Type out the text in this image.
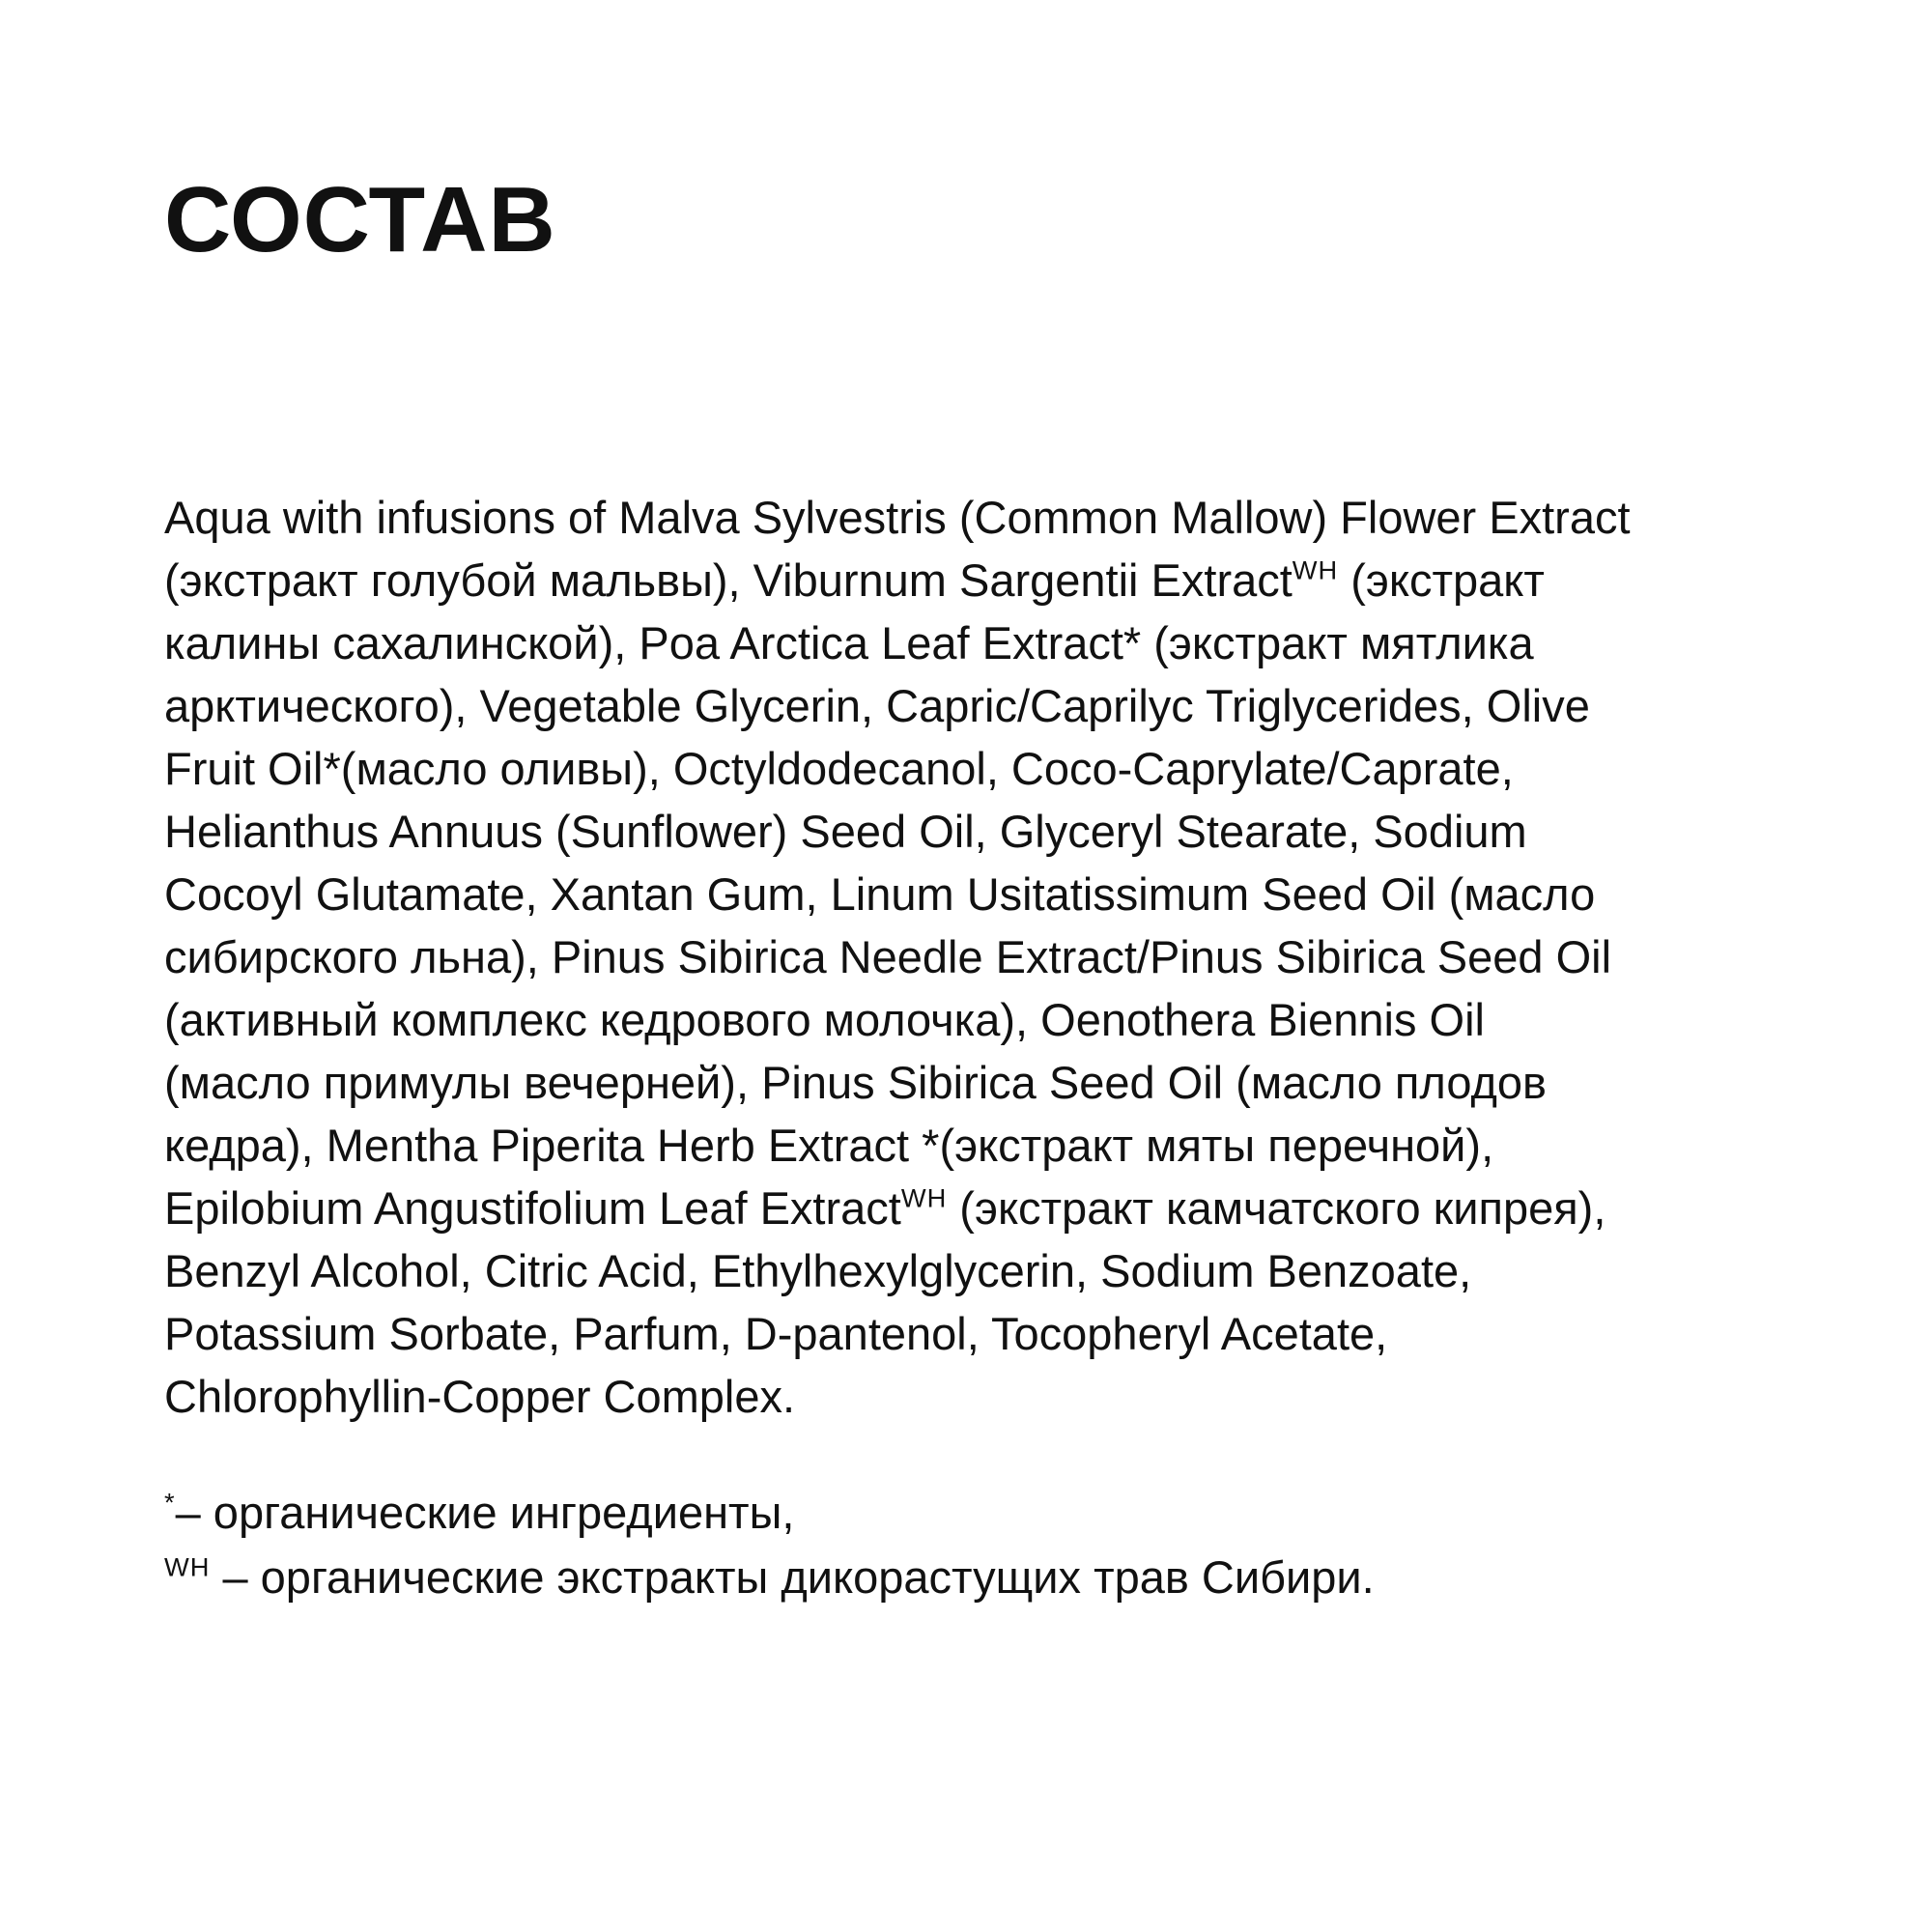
СОСТАВ
Aqua with infusions of Malva Sylvestris (Common Mallow) Flower Extract
(экстракт голубой мальвы), Viburnum Sargentii Extract$^{WH}$ (экстракт
калины сахалинской), Poa Arctica Leaf Extract* (экстракт мятлика
арктического), Vegetable Glycerin, Capric/Caprilyc Triglycerides, Olive
Fruit Oil*(масло оливы), Octyldodecanol, Coco-Caprylate/Caprate,
Helianthus Annuus (Sunflower) Seed Oil, Glyceryl Stearate, Sodium
Cocoyl Glutamate, Xantan Gum, Linum Usitatissimum Seed Oil (масло
сибирского льна), Pinus Sibirica Needle Extract/Pinus Sibirica Seed Oil
(активный комплекс кедрового молочка), Oenothera Biennis Oil
(масло примулы вечерней), Pinus Sibirica Seed Oil (масло плодов
кедра), Mentha Piperita Herb Extract *(экстракт мяты перечной),
Epilobium Angustifolium Leaf Extract$^{WH}$ (экстракт камчатского кипрея),
Benzyl Alcohol, Citric Acid, Ethylhexylglycerin, Sodium Benzoate,
Potassium Sorbate, Parfum, D-pantenol, Tocopheryl Acetate,
Chlorophyllin-Copper Complex.
*– органические ингредиенты,
$^{WH}$ – органические экстракты дикорастущих трав Сибири.
